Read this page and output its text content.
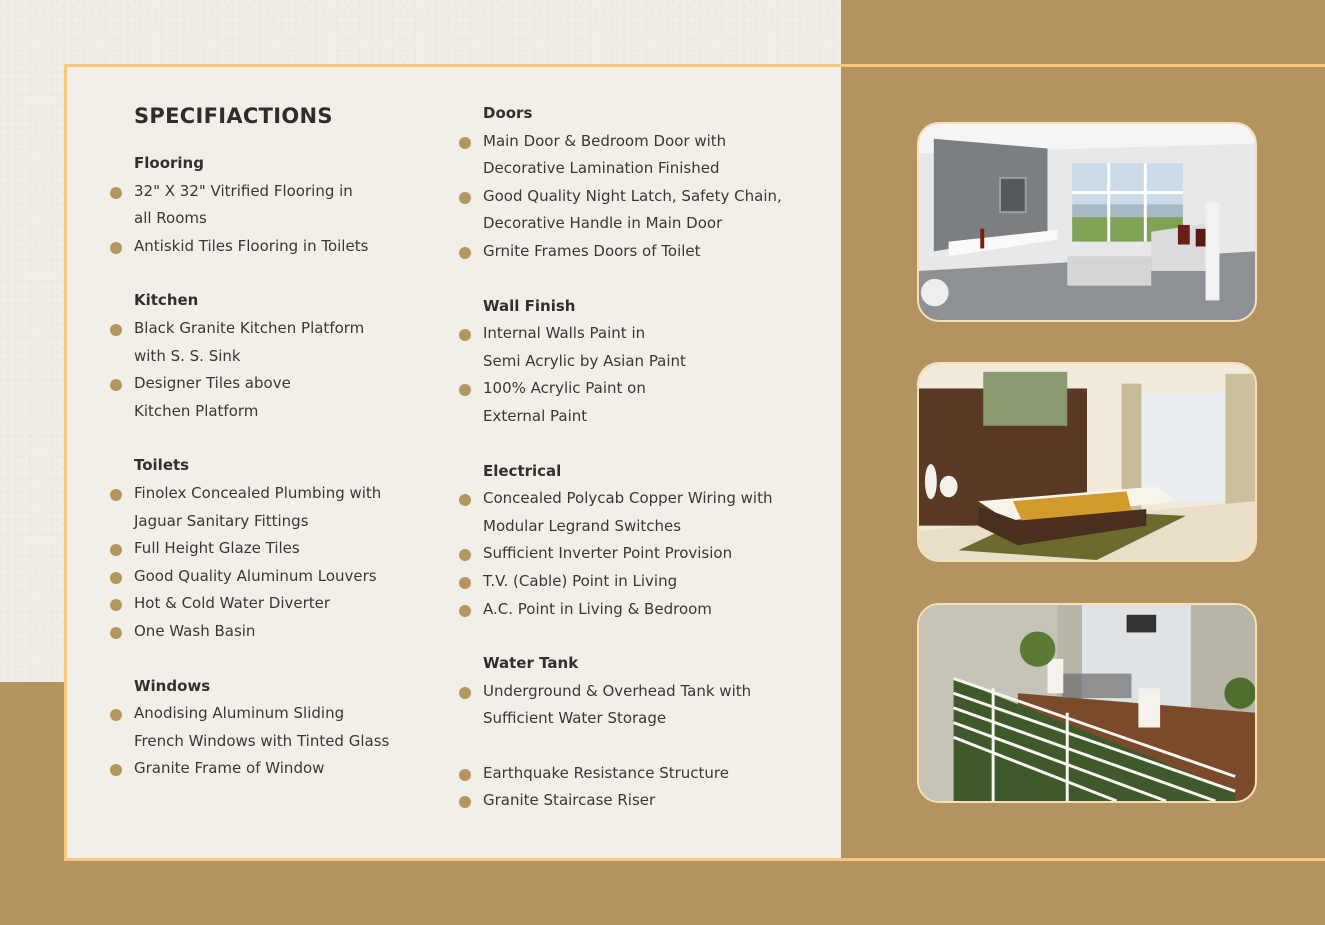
SPECIFIACTIONS
Flooring
32" X 32" Vitrified Flooring in
all Rooms
Antiskid Tiles Flooring in Toilets
Kitchen
Black Granite Kitchen Platform
with S. S. Sink
Designer Tiles above
Kitchen Platform
Toilets
Finolex Concealed Plumbing with
Jaguar Sanitary Fittings
Full Height Glaze Tiles
Good Quality Aluminum Louvers
Hot & Cold Water Diverter
One Wash Basin
Windows
Anodising Aluminum Sliding
French Windows with Tinted Glass
Granite Frame of Window
Doors
Main Door & Bedroom Door with
Decorative Lamination Finished
Good Quality Night Latch, Safety Chain,
Decorative Handle in Main Door
Grnite Frames Doors of Toilet
Wall Finish
Internal Walls Paint in
Semi Acrylic by Asian Paint
100% Acrylic Paint on
External Paint
Electrical
Concealed Polycab Copper Wiring with
Modular Legrand Switches
Sufficient Inverter Point Provision
T.V. (Cable) Point in Living
A.C. Point in Living & Bedroom
Water Tank
Underground & Overhead Tank with
Sufficient Water Storage
Earthquake Resistance Structure
Granite Staircase Riser
